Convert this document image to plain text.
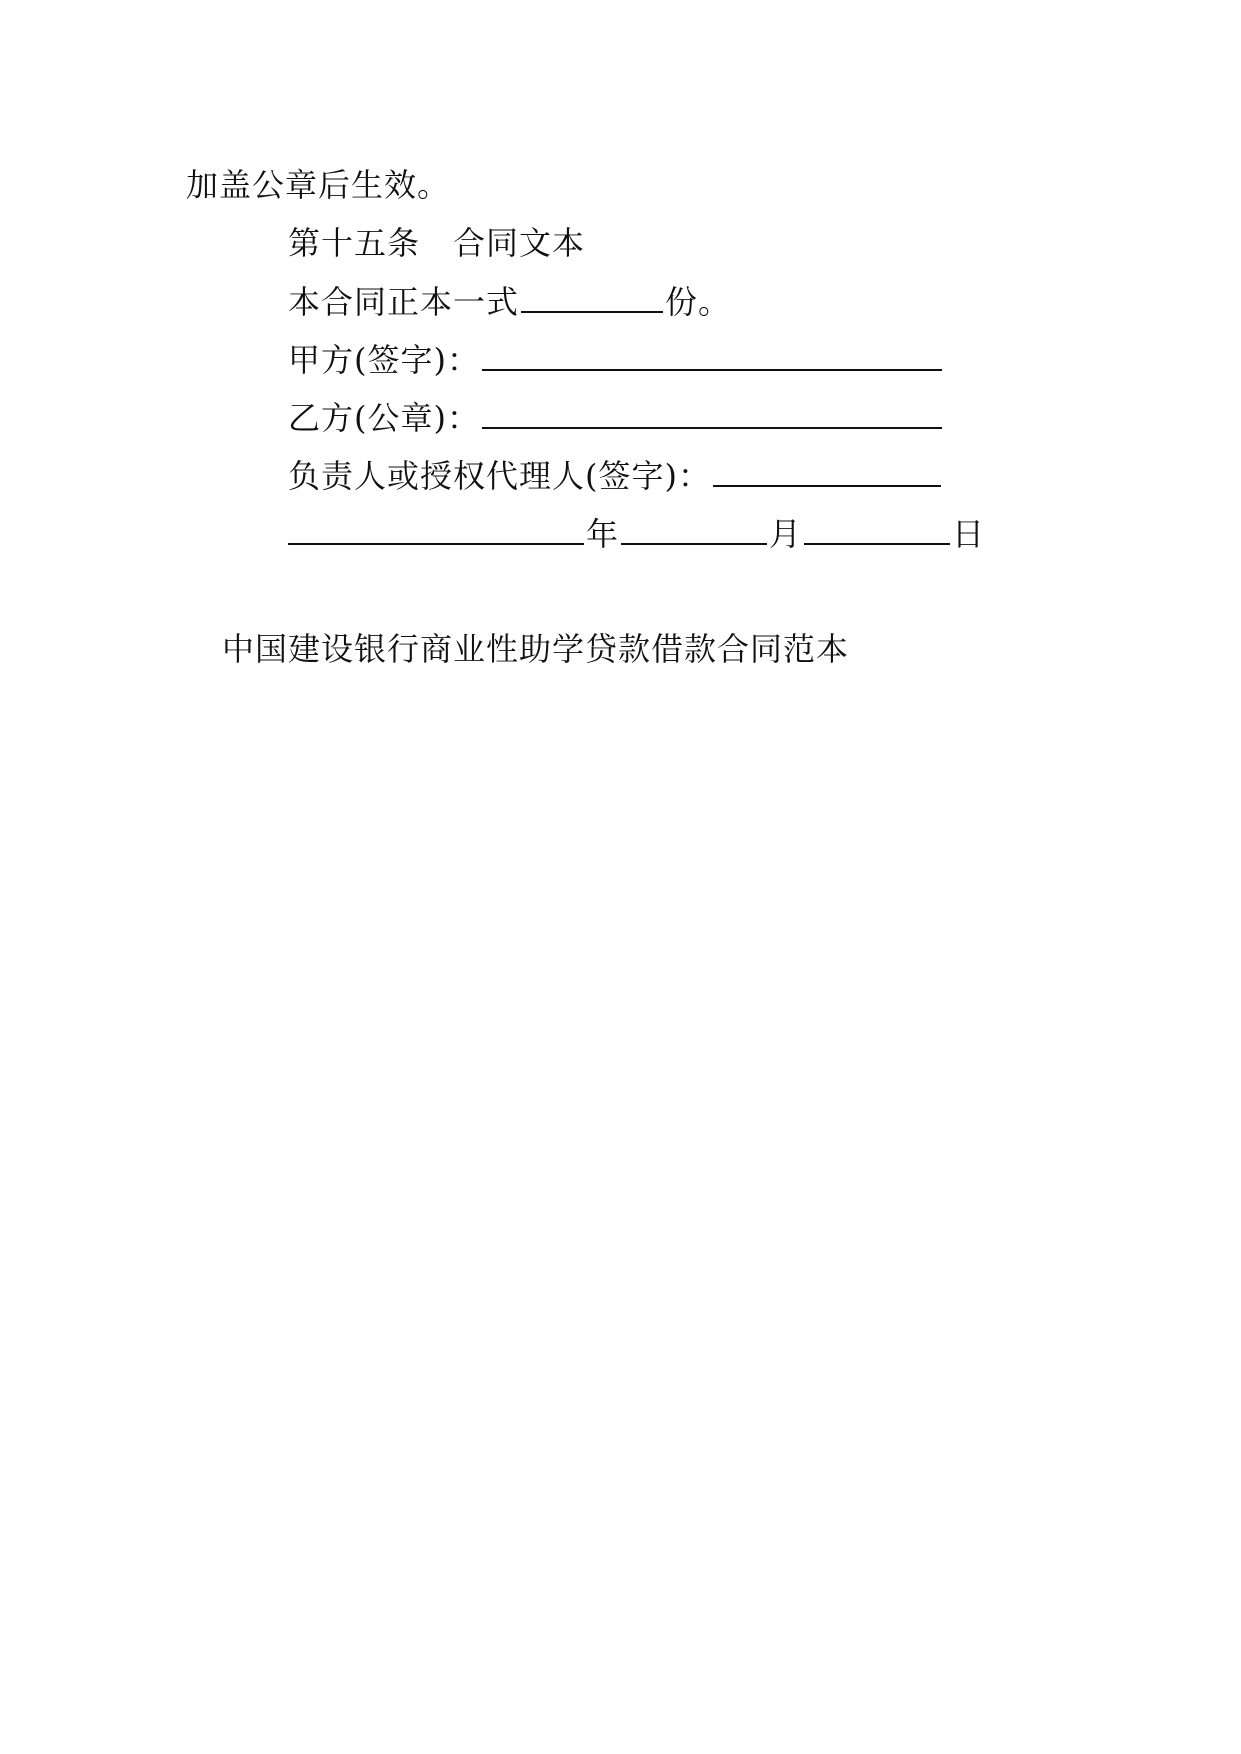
加盖公章后生效。
第十五条　合同文本
本合同正本一式	份。
甲方(签字)：
乙方(公章)：
负责人或授权代理人(签字)：
年	月	日
中国建设银行商业性助学贷款借款合同范本
